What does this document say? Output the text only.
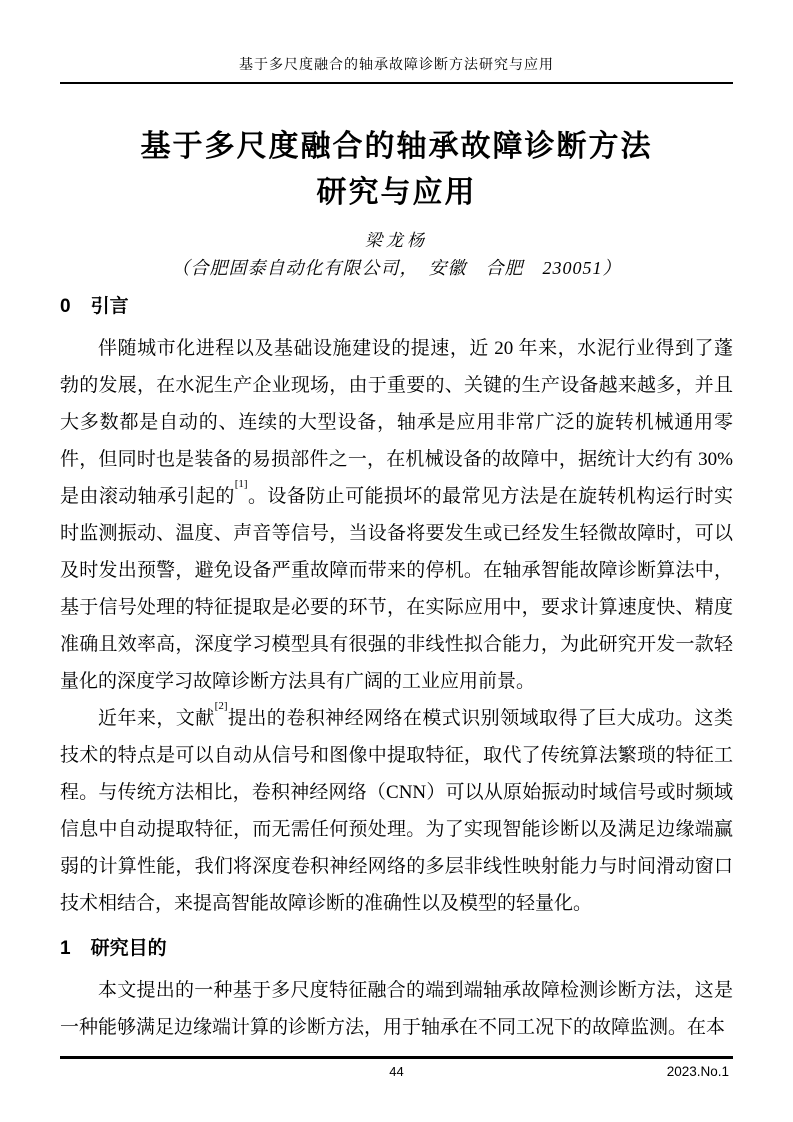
基于多尺度融合的轴承故障诊断方法研究与应用
基于多尺度融合的轴承故障诊断方法
研究与应用
梁龙杨
（合肥固泰自动化有限公司，　安徽　合肥　230051）
0 引言

伴随城市化进程以及基础设施建设的提速，近 20 年来，水泥行业得到了蓬勃的发展，在水泥生产企业现场，由于重要的、关键的生产设备越来越多，并且大多数都是自动的、连续的大型设备，轴承是应用非常广泛的旋转机械通用零件，但同时也是装备的易损部件之一，在机械设备的故障中，据统计大约有 30%是由滚动轴承引起的[1]。设备防止可能损坏的最常见方法是在旋转机构运行时实时监测振动、温度、声音等信号，当设备将要发生或已经发生轻微故障时，可以及时发出预警，避免设备严重故障而带来的停机。在轴承智能故障诊断算法中，基于信号处理的特征提取是必要的环节，在实际应用中，要求计算速度快、精度准确且效率高，深度学习模型具有很强的非线性拟合能力，为此研究开发一款轻量化的深度学习故障诊断方法具有广阔的工业应用前景。

近年来，文献[2]提出的卷积神经网络在模式识别领域取得了巨大成功。这类技术的特点是可以自动从信号和图像中提取特征，取代了传统算法繁琐的特征工程。与传统方法相比，卷积神经网络（CNN）可以从原始振动时域信号或时频域信息中自动提取特征，而无需任何预处理。为了实现智能诊断以及满足边缘端赢弱的计算性能，我们将深度卷积神经网络的多层非线性映射能力与时间滑动窗口技术相结合，来提高智能故障诊断的准确性以及模型的轻量化。

1 研究目的

本文提出的一种基于多尺度特征融合的端到端轴承故障检测诊断方法，这是一种能够满足边缘端计算的诊断方法，用于轴承在不同工况下的故障监测。在本

44	2023.No.1
